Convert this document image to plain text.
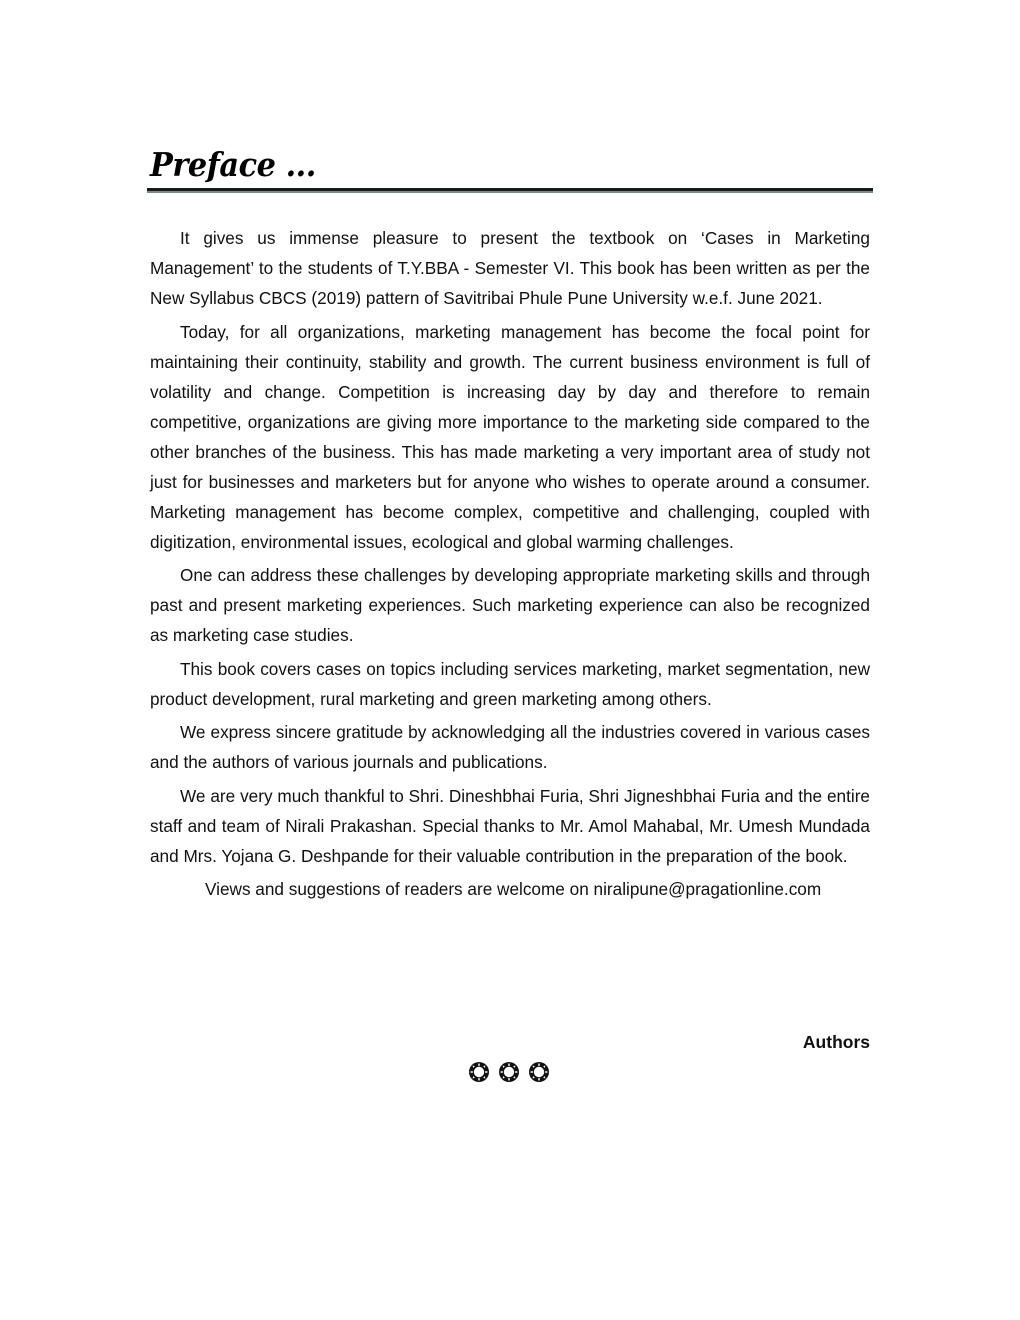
Preface ...

It gives us immense pleasure to present the textbook on ‘Cases in Marketing Management’ to the students of T.Y.BBA - Semester VI. This book has been written as per the New Syllabus CBCS (2019) pattern of Savitribai Phule Pune University w.e.f. June 2021.

Today, for all organizations, marketing management has become the focal point for maintaining their continuity, stability and growth. The current business environment is full of volatility and change. Competition is increasing day by day and therefore to remain competitive, organizations are giving more importance to the marketing side compared to the other branches of the business. This has made marketing a very important area of study not just for businesses and marketers but for anyone who wishes to operate around a consumer. Marketing management has become complex, competitive and challenging, coupled with digitization, environmental issues, ecological and global warming challenges.

One can address these challenges by developing appropriate marketing skills and through past and present marketing experiences. Such marketing experience can also be recognized as marketing case studies.

This book covers cases on topics including services marketing, market segmentation, new product development, rural marketing and green marketing among others.

We express sincere gratitude by acknowledging all the industries covered in various cases and the authors of various journals and publications.

We are very much thankful to Shri. Dineshbhai Furia, Shri Jigneshbhai Furia and the entire staff and team of Nirali Prakashan. Special thanks to Mr. Amol Mahabal, Mr. Umesh Mundada and Mrs. Yojana G. Deshpande for their valuable contribution in the preparation of the book.

Views and suggestions of readers are welcome on niralipune@pragationline.com

Authors
